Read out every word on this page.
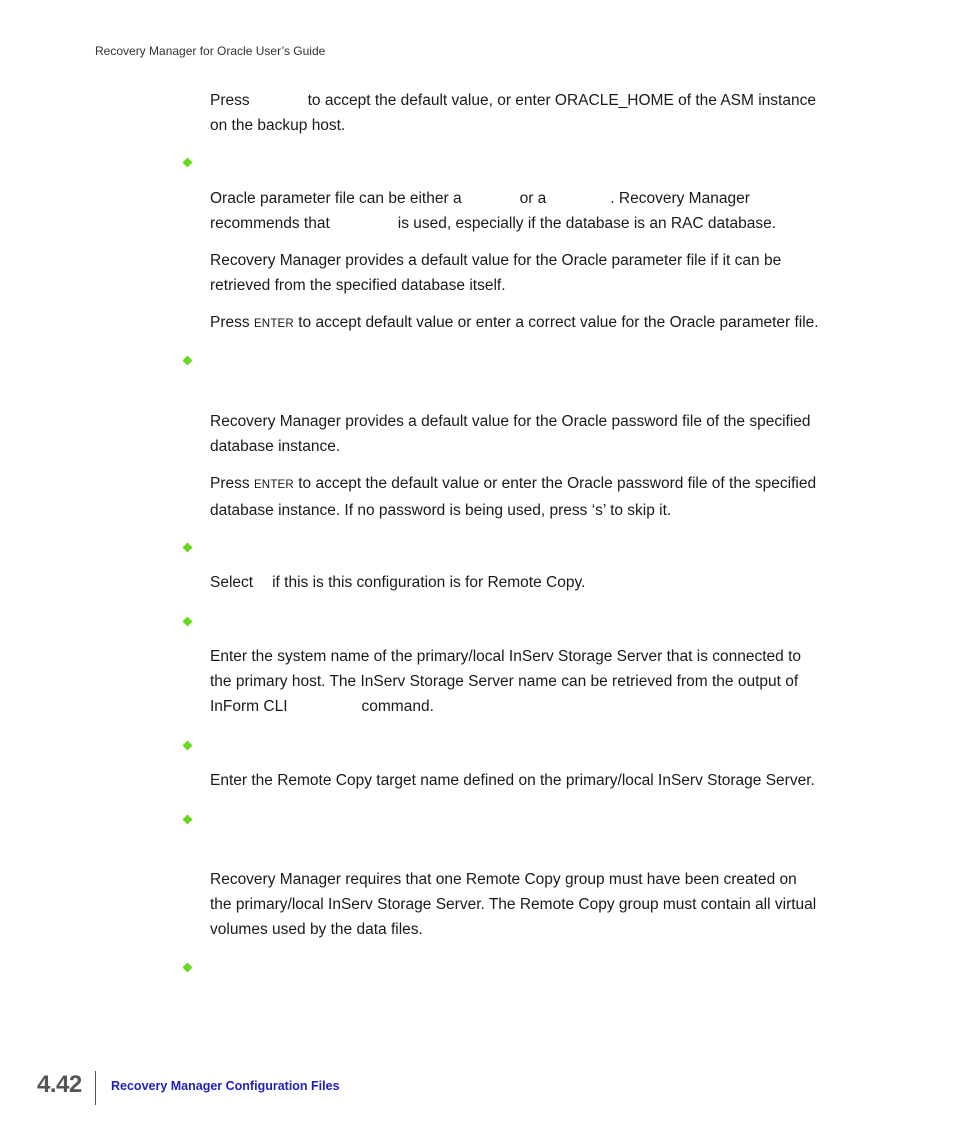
Recovery Manager for Oracle User’s Guide
Press	to accept the default value, or enter ORACLE_HOME of the ASM instance
on the backup host.
Oracle parameter file can be either a	or a	. Recovery Manager
recommends that	is used, especially if the database is an RAC database.
Recovery Manager provides a default value for the Oracle parameter file if it can be
retrieved from the specified database itself.
Press ENTER to accept default value or enter a correct value for the Oracle parameter file.
Recovery Manager provides a default value for the Oracle password file of the specified
database instance.
Press ENTER to accept the default value or enter the Oracle password file of the specified
database instance. If no password is being used, press ‘s’ to skip it.
Select if this is this configuration is for Remote Copy.
Enter the system name of the primary/local InServ Storage Server that is connected to
the primary host. The InServ Storage Server name can be retrieved from the output of
InForm CLI	command.
Enter the Remote Copy target name defined on the primary/local InServ Storage Server.
Recovery Manager requires that one Remote Copy group must have been created on
the primary/local InServ Storage Server. The Remote Copy group must contain all virtual
volumes used by the data files.
4.42 Recovery Manager Configuration Files
